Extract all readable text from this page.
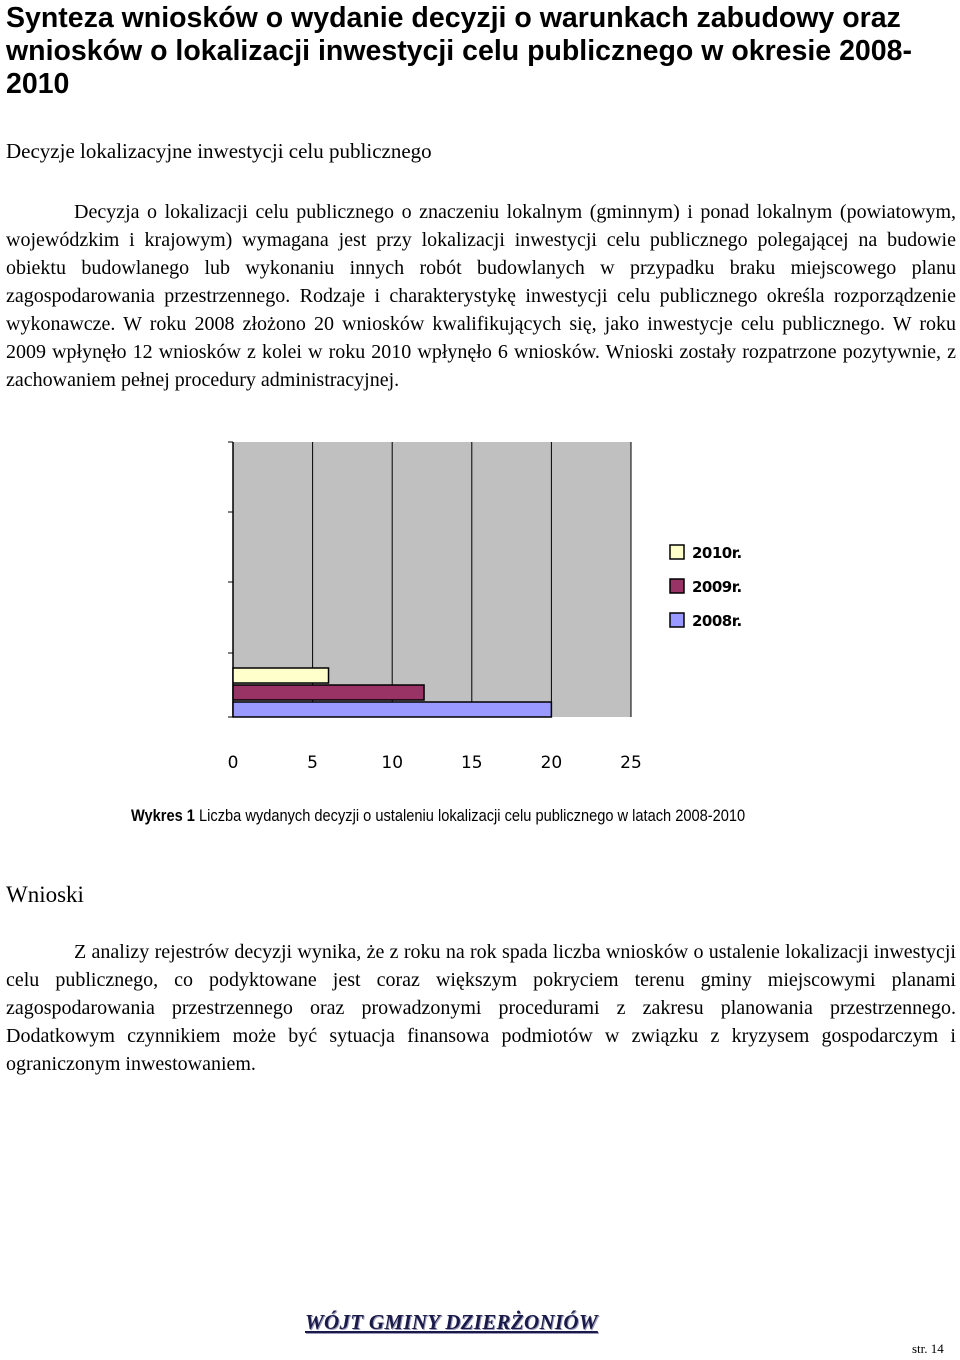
Synteza wniosków o wydanie decyzji o warunkach zabudowy oraz wniosków o lokalizacji inwestycji celu publicznego w okresie 2008-2010

Decyzje lokalizacyjne inwestycji celu publicznego

Decyzja o lokalizacji celu publicznego o znaczeniu lokalnym (gminnym) i ponad lokalnym (powiatowym, wojewódzkim i krajowym) wymagana jest przy lokalizacji inwestycji celu publicznego polegającej na budowie obiektu budowlanego lub wykonaniu innych robót budowlanych w przypadku braku miejscowego planu zagospodarowania przestrzennego. Rodzaje i charakterystykę inwestycji celu publicznego określa rozporządzenie wykonawcze. W roku 2008 złożono 20 wniosków kwalifikujących się, jako inwestycje celu publicznego. W roku 2009 wpłynęło 12 wniosków z kolei w roku 2010 wpłynęło 6 wniosków. Wnioski zostały rozpatrzone pozytywnie, z zachowaniem pełnej procedury administracyjnej.

0	5	10	15	20	25
2010r.
2009r.
2008r.

Wykres 1 Liczba wydanych decyzji o ustaleniu lokalizacji celu publicznego w latach 2008-2010

Wnioski

Z analizy rejestrów decyzji wynika, że z roku na rok spada liczba wniosków o ustalenie lokalizacji inwestycji celu publicznego, co podyktowane jest coraz większym pokryciem terenu gminy miejscowymi planami zagospodarowania przestrzennego oraz prowadzonymi procedurami z zakresu planowania przestrzennego. Dodatkowym czynnikiem może być sytuacja finansowa podmiotów w związku z kryzysem gospodarczym i ograniczonym inwestowaniem.

WÓJT GMINY DZIERŻONIÓW

str. 14
